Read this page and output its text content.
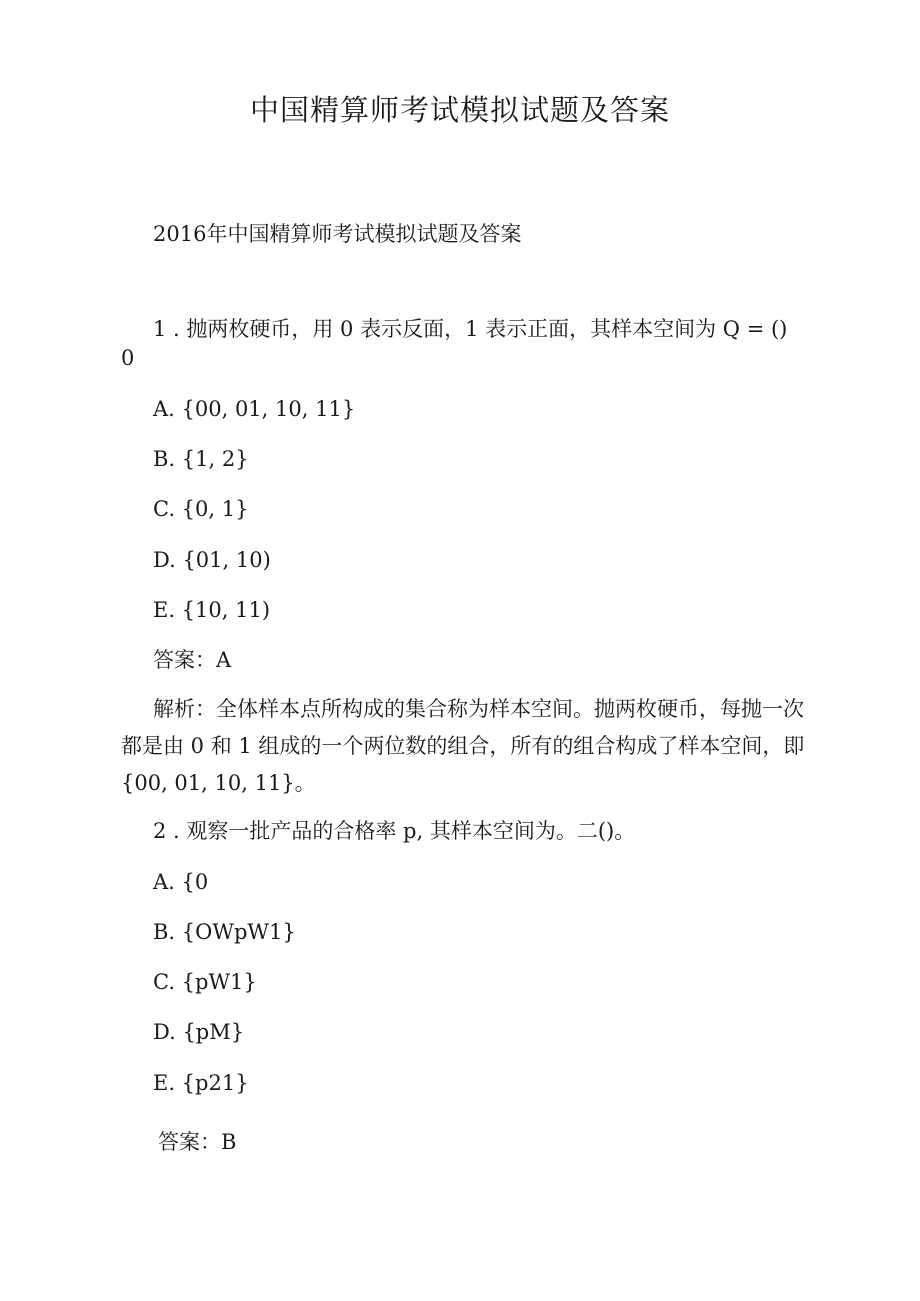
中国精算师考试模拟试题及答案
2016年中国精算师考试模拟试题及答案
1 . 抛两枚硬币，用 0 表示反面，1 表示正面，其样本空间为 Q = () 0
A. {00, 01, 10, 11}
B. {1, 2}
C. {0, 1}
D. {01, 10)
E. {10, 11)
答案：A
解析：全体样本点所构成的集合称为样本空间。抛两枚硬币，每抛一次都是由 0 和 1 组成的一个两位数的组合，所有的组合构成了样本空间，即{00, 01, 10, 11}。
2 . 观察一批产品的合格率 p, 其样本空间为。二()。
A. {0
B. {OWpW1}
C. {pW1}
D. {pM}
E. {p21}
答案：B
